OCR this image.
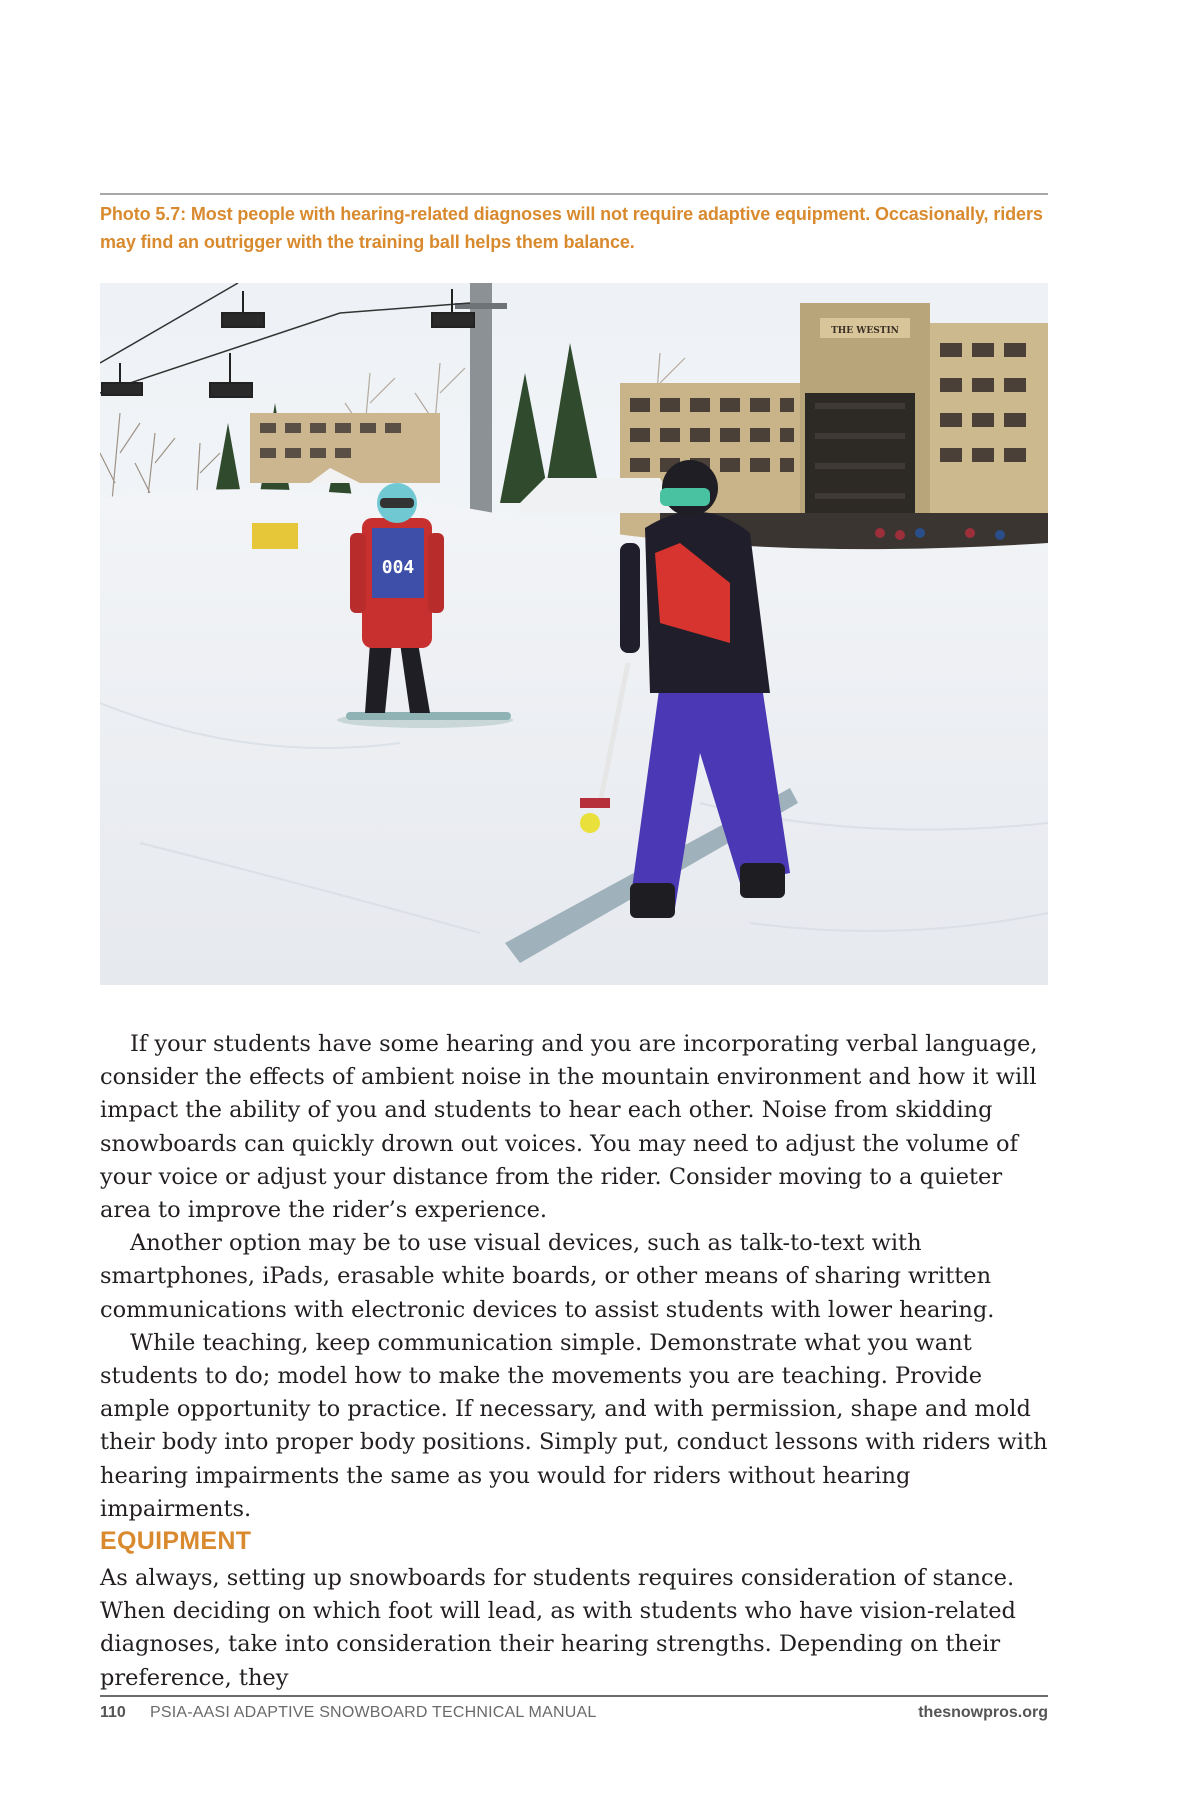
Photo 5.7: Most people with hearing-related diagnoses will not require adaptive equipment. Occasionally, riders may find an outrigger with the training ball helps them balance.
THE WESTIN
004

If your students have some hearing and you are incorporating verbal language, consider the effects of ambient noise in the mountain environment and how it will impact the ability of you and students to hear each other. Noise from skidding snowboards can quickly drown out voices. You may need to adjust the volume of your voice or adjust your distance from the rider. Consider moving to a quieter area to improve the rider’s experience.

Another option may be to use visual devices, such as talk-to-text with smartphones, iPads, erasable white boards, or other means of sharing written communications with electronic devices to assist students with lower hearing.

While teaching, keep communication simple. Demonstrate what you want students to do; model how to make the movements you are teaching. Provide ample opportunity to practice. If necessary, and with permission, shape and mold their body into proper body positions. Simply put, conduct lessons with riders with hearing impairments the same as you would for riders without hearing impairments.

EQUIPMENT

As always, setting up snowboards for students requires consideration of stance. When deciding on which foot will lead, as with students who have vision-related diagnoses, take into consideration their hearing strengths. Depending on their preference, they

110 PSIA-AASI ADAPTIVE SNOWBOARD TECHNICAL MANUAL	thesnowpros.org
